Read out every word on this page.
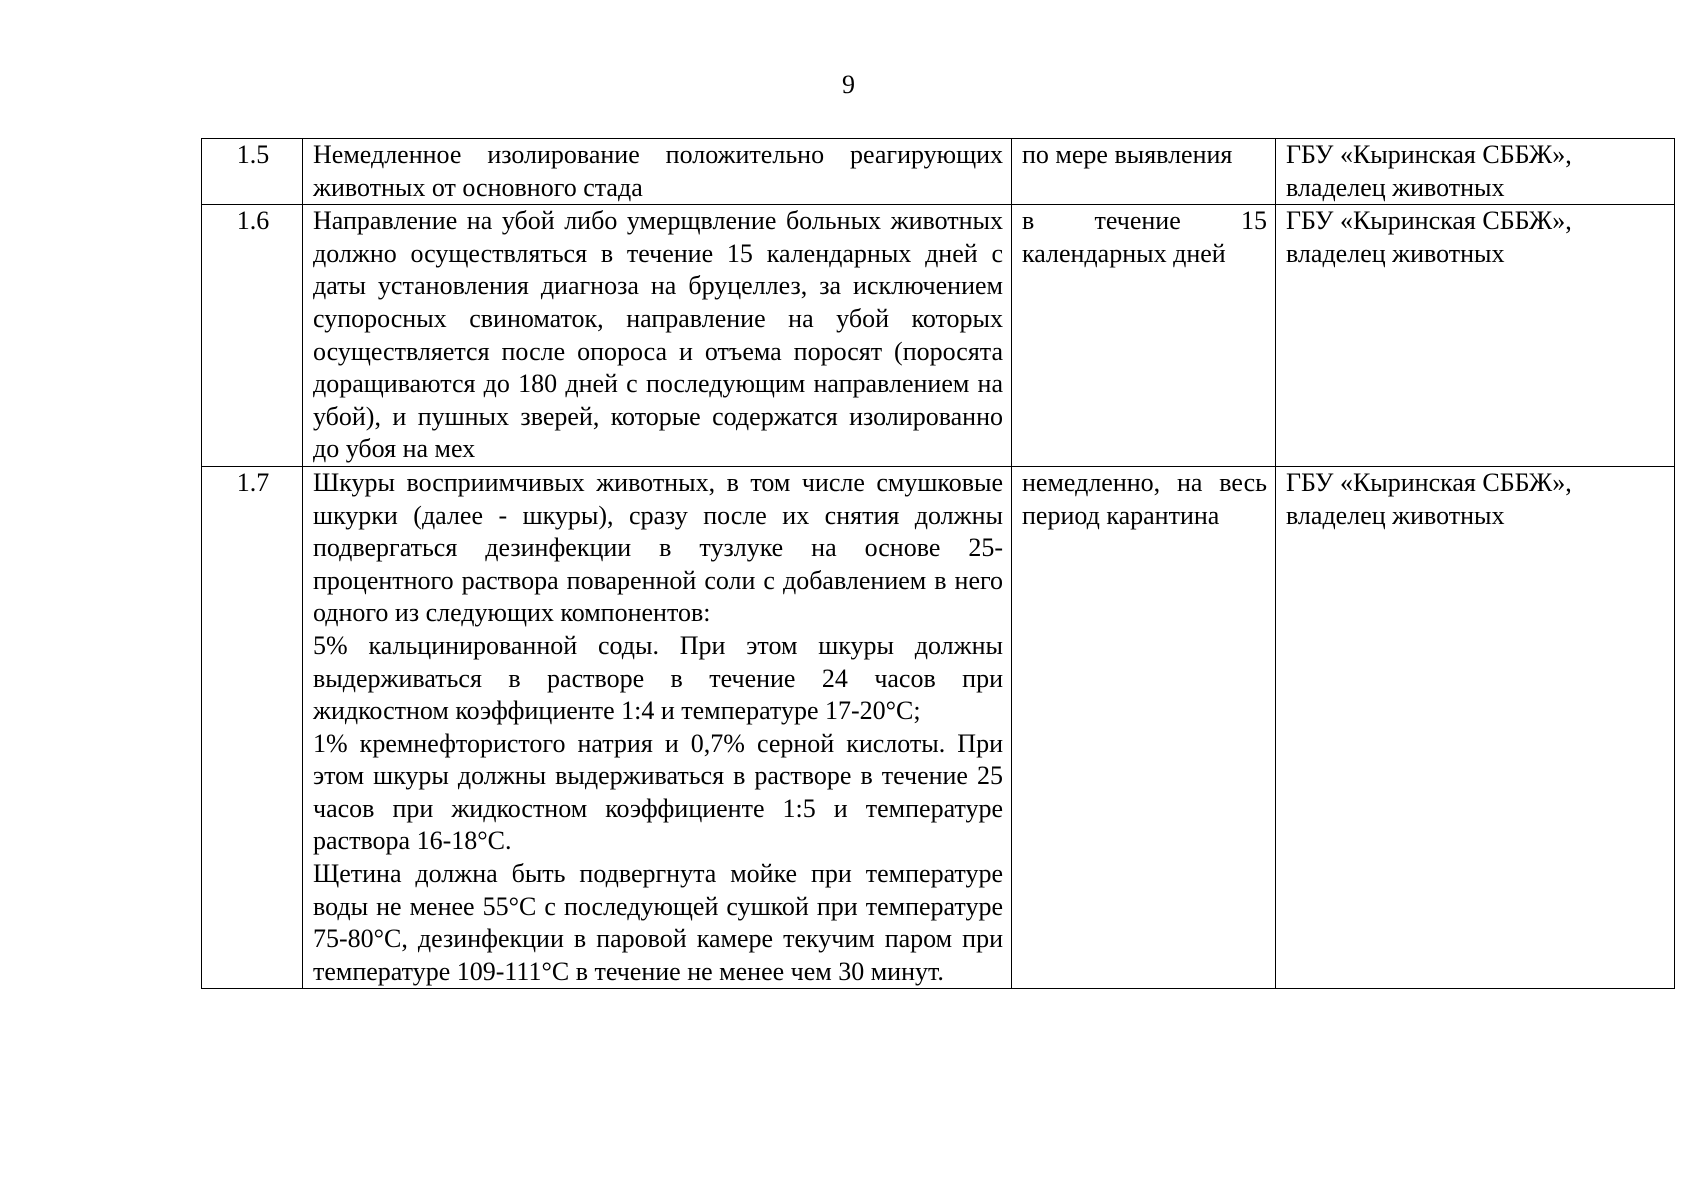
9
1.5	Немедленное изолирование положительно реагирующих животных от основного стада	по мере выявления	ГБУ «Кыринская СББЖ», владелец животных
1.6	Направление на убой либо умерщвление больных животных должно осуществляться в течение 15 календарных дней с даты установления диагноза на бруцеллез, за исключением супоросных свиноматок, направление на убой которых осуществляется после опороса и отъема поросят (поросята доращиваются до 180 дней с последующим направлением на убой), и пушных зверей, которые содержатся изолированно до убоя на мех	в течение 15 календарных дней	ГБУ «Кыринская СББЖ», владелец животных
1.7	Шкуры восприимчивых животных, в том числе смушковые шкурки (далее - шкуры), сразу после их снятия должны подвергаться дезинфекции в тузлуке на основе 25-процентного раствора поваренной соли с добавлением в него одного из следующих компонентов:
5% кальцинированной соды. При этом шкуры должны выдерживаться в растворе в течение 24 часов при жидкостном коэффициенте 1:4 и температуре 17-20°С;
1% кремнефтористого натрия и 0,7% серной кислоты. При этом шкуры должны выдерживаться в растворе в течение 25 часов при жидкостном коэффициенте 1:5 и температуре раствора 16-18°С.
Щетина должна быть подвергнута мойке при температуре воды не менее 55°С с последующей сушкой при температуре 75-80°С, дезинфекции в паровой камере текучим паром при температуре 109-111°С в течение не менее чем 30 минут.	немедленно, на весь период карантина	ГБУ «Кыринская СББЖ», владелец животных
